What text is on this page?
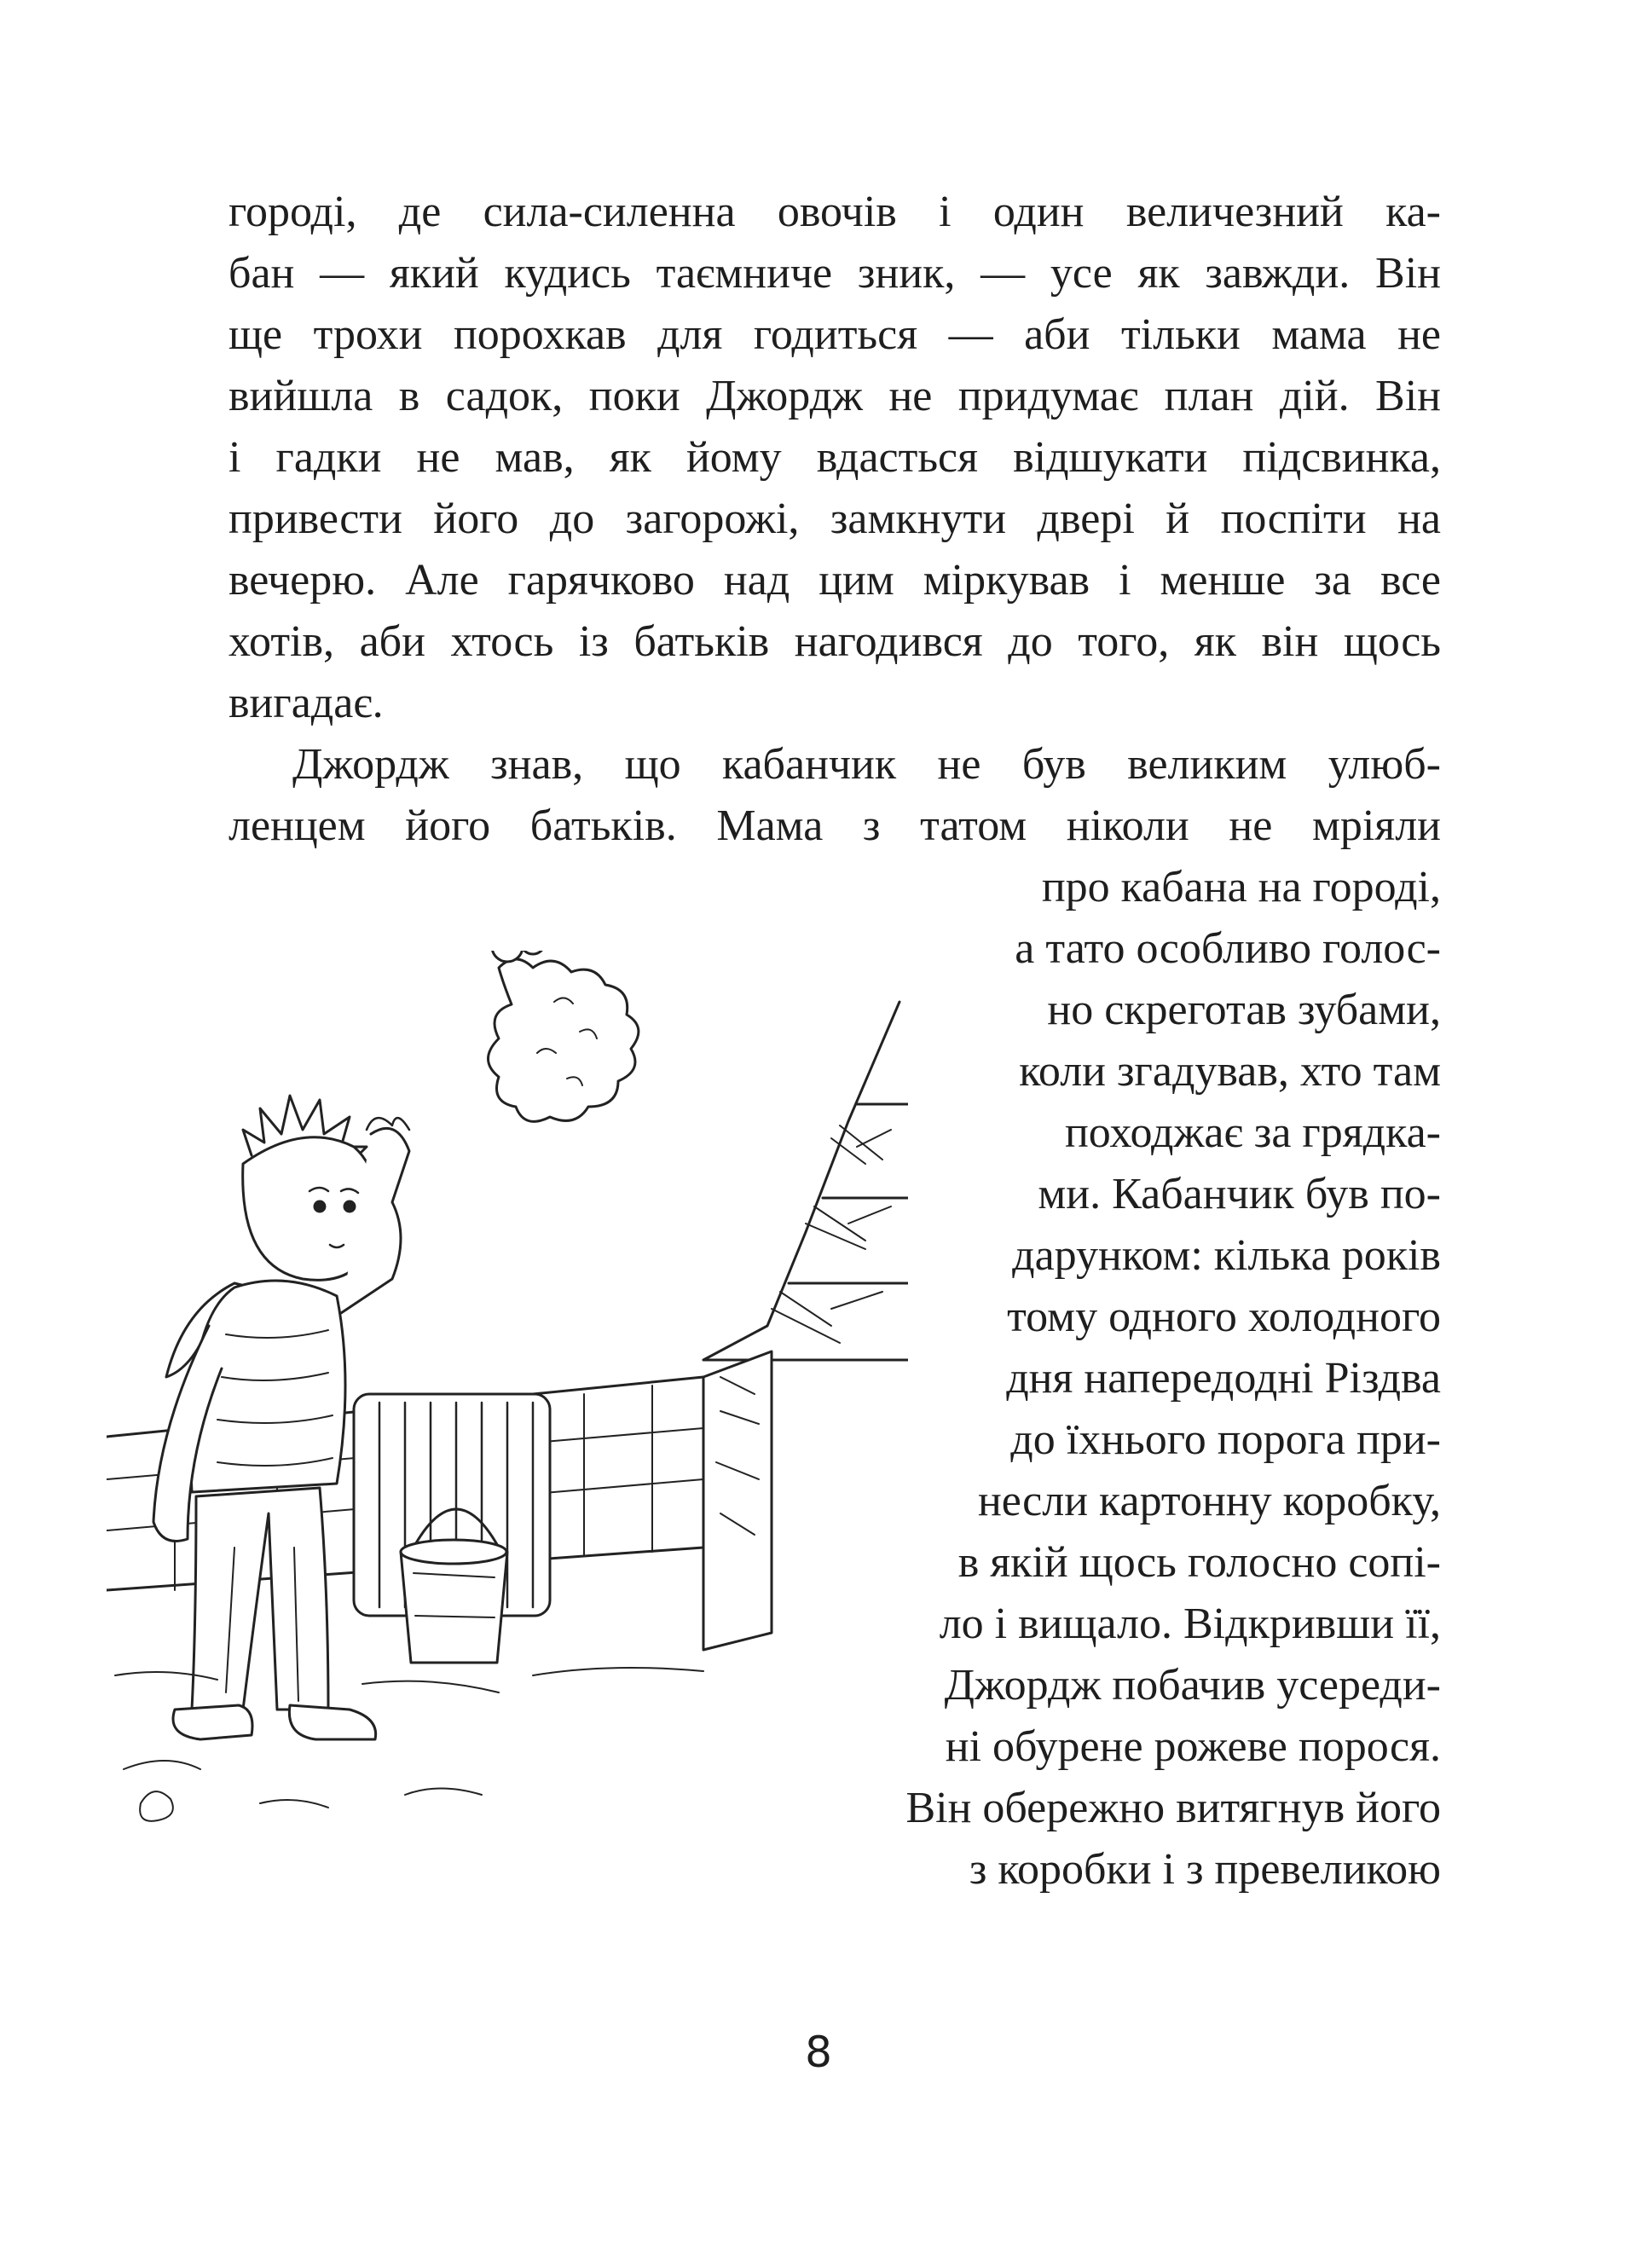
городі, де сила-силенна овочів і один величезний ка-

бан — який кудись таємниче зник, — усе як завжди. Він

ще трохи порохкав для годиться — аби тільки мама не

вийшла в садок, поки Джордж не придумає план дій. Він

і гадки не мав, як йому вдасться відшукати підсвинка,

привести його до загорожі, замкнути двері й поспіти на

вечерю. Але гарячково над цим міркував і менше за все

хотів, аби хтось із батьків нагодився до того, як він щось

вигадає.

Джордж знав, що кабанчик не був великим улюб-

ленцем його батьків. Мама з татом ніколи не мріяли

про кабана на городі,

а тато особливо голос-

но скреготав зубами,

коли згадував, хто там

походжає за грядка-

ми. Кабанчик був по-

дарунком: кілька років

тому одного холодного

дня напередодні Різдва

до їхнього порога при-

несли картонну коробку,

в якій щось голосно сопі-

ло і вищало. Відкривши її,

Джордж побачив усереди-

ні обурене рожеве порося.

Він обережно витягнув його

з коробки і з превеликою

8
